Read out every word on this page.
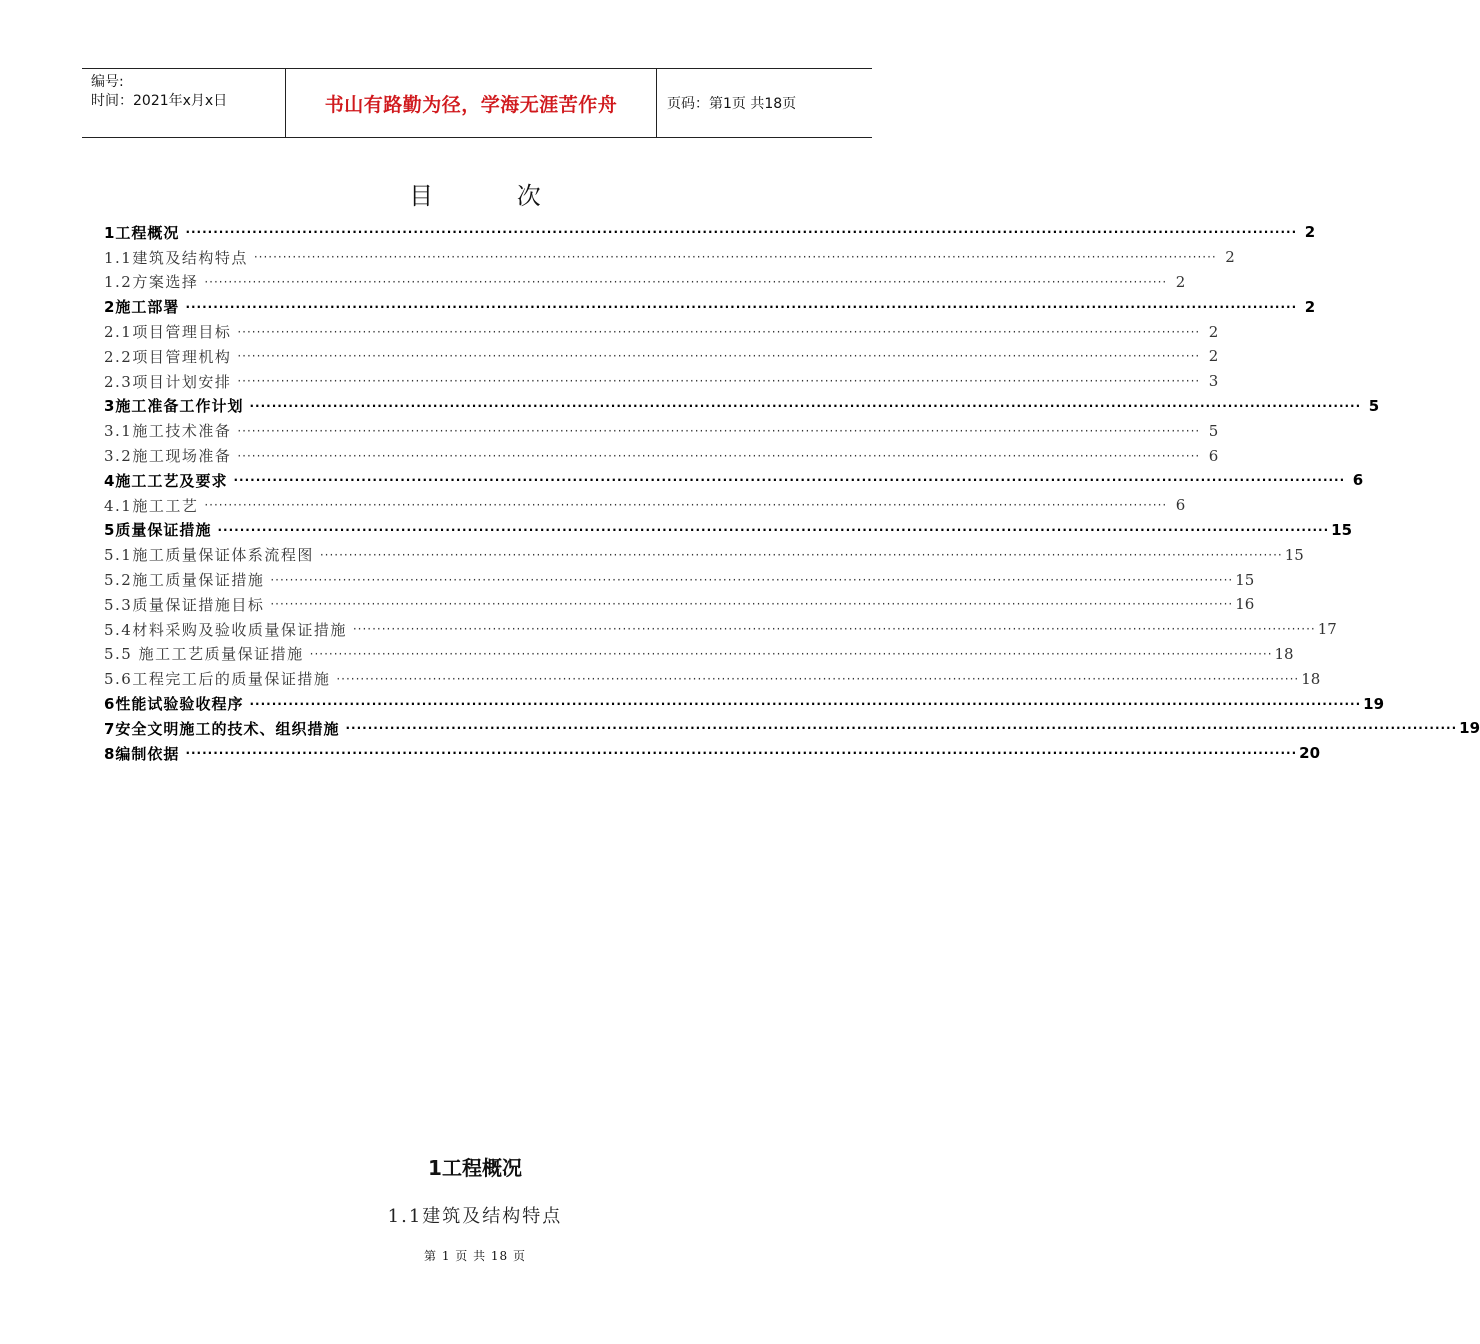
编号:
时间：2021年x月x日	书山有路勤为径，学海无涯苦作舟	页码：第1页 共18页
目 次
1工程概况 ········································································································································································································ 2
1.1建筑及结构特点 ········································································································································································································ 2
1.2方案选择 ········································································································································································································ 2
2施工部署 ········································································································································································································ 2
2.1项目管理目标 ········································································································································································································ 2
2.2项目管理机构 ········································································································································································································ 2
2.3项目计划安排 ········································································································································································································ 3
3施工准备工作计划 ········································································································································································································ 5
3.1施工技术准备 ········································································································································································································ 5
3.2施工现场准备 ········································································································································································································ 6
4施工工艺及要求 ········································································································································································································ 6
4.1施工工艺 ········································································································································································································ 6
5质量保证措施 ········································································································································································································ 15
5.1施工质量保证体系流程图 ········································································································································································································ 15
5.2施工质量保证措施 ········································································································································································································ 15
5.3质量保证措施目标 ········································································································································································································ 16
5.4材料采购及验收质量保证措施 ········································································································································································································ 17
5.5 施工工艺质量保证措施 ········································································································································································································ 18
5.6工程完工后的质量保证措施 ········································································································································································································ 18
6性能试验验收程序 ········································································································································································································ 19
7安全文明施工的技术、组织措施 ········································································································································································································ 19
8编制依据 ········································································································································································································ 20
1工程概况
1.1建筑及结构特点
第 1 页 共 18 页
